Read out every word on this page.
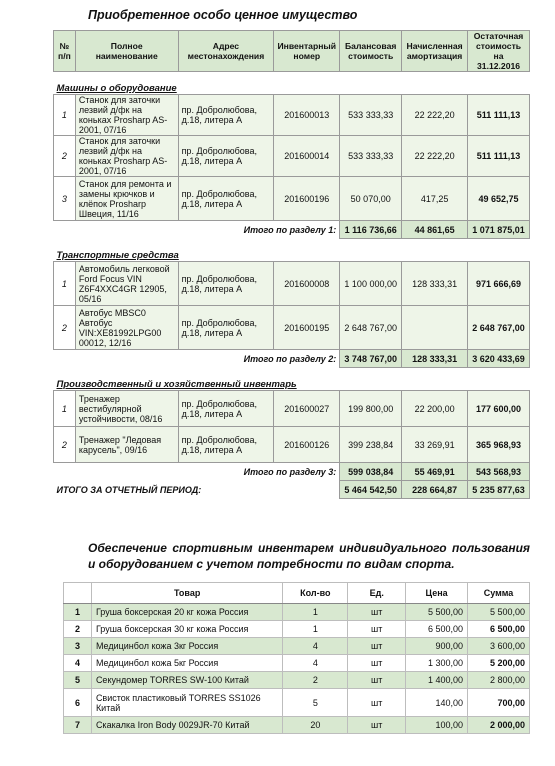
Приобретенное особо ценное имущество
№ п/п	Полное наименование	Адрес местонахождения	Инвентарный номер	Балансовая стоимость	Начисленная амортизация	Остаточная стоимость на 31.12.2016
Машины о оборудование						
1	Станок для заточки лезвий д/фк на коньках Prosharp AS-2001, 07/16	пр. Добролюбова, д.18, литера А	201600013	533 333,33	22 222,20	511 111,13
2	Станок для заточки лезвий д/фк на коньках Prosharp AS-2001, 07/16	пр. Добролюбова, д.18, литера А	201600014	533 333,33	22 222,20	511 111,13
3	Станок для ремонта и замены крючков и клёпок Prosharp Швеция, 11/16	пр. Добролюбова, д.18, литера А	201600196	50 070,00	417,25	49 652,75
Итого по разделу 1:				1 116 736,66	44 861,65	1 071 875,01
Транспортные средства						
1	Автомобиль легковой Ford Focus VIN Z6F4XXC4GR 12905, 05/16	пр. Добролюбова, д.18, литера А	201600008	1 100 000,00	128 333,31	971 666,69
2	Автобус MBSC0 Автобус VIN:XE81992LPG00 00012, 12/16	пр. Добролюбова, д.18, литера А	201600195	2 648 767,00		2 648 767,00
Итого по разделу 2:				3 748 767,00	128 333,31	3 620 433,69
Производственный и хозяйственный инвентарь						
1	Тренажер вестибулярной устойчивости, 08/16	пр. Добролюбова, д.18, литера А	201600027	199 800,00	22 200,00	177 600,00
2	Тренажер "Ледовая карусель", 09/16	пр. Добролюбова, д.18, литера А	201600126	399 238,84	33 269,91	365 968,93
Итого по разделу 3:				599 038,84	55 469,91	543 568,93
ИТОГО ЗА ОТЧЕТНЫЙ ПЕРИОД:				5 464 542,50	228 664,87	5 235 877,63
Обеспечение спортивным инвентарем индивидуального пользования и оборудованием с учетом потребности по видам спорта.
	Товар	Кол-во	Ед.	Цена	Сумма
1	Груша боксерская 20 кг кожа Россия	1	шт	5 500,00	5 500,00
2	Груша боксерская 30 кг кожа Россия	1	шт	6 500,00	6 500,00
3	Медицинбол кожа 3кг Россия	4	шт	900,00	3 600,00
4	Медицинбол кожа 5кг Россия	4	шт	1 300,00	5 200,00
5	Секундомер TORRES SW-100 Китай	2	шт	1 400,00	2 800,00
6	Свисток пластиковый TORRES SS1026 Китай	5	шт	140,00	700,00
7	Скакалка Iron Body 0029JR-70 Китай	20	шт	100,00	2 000,00
